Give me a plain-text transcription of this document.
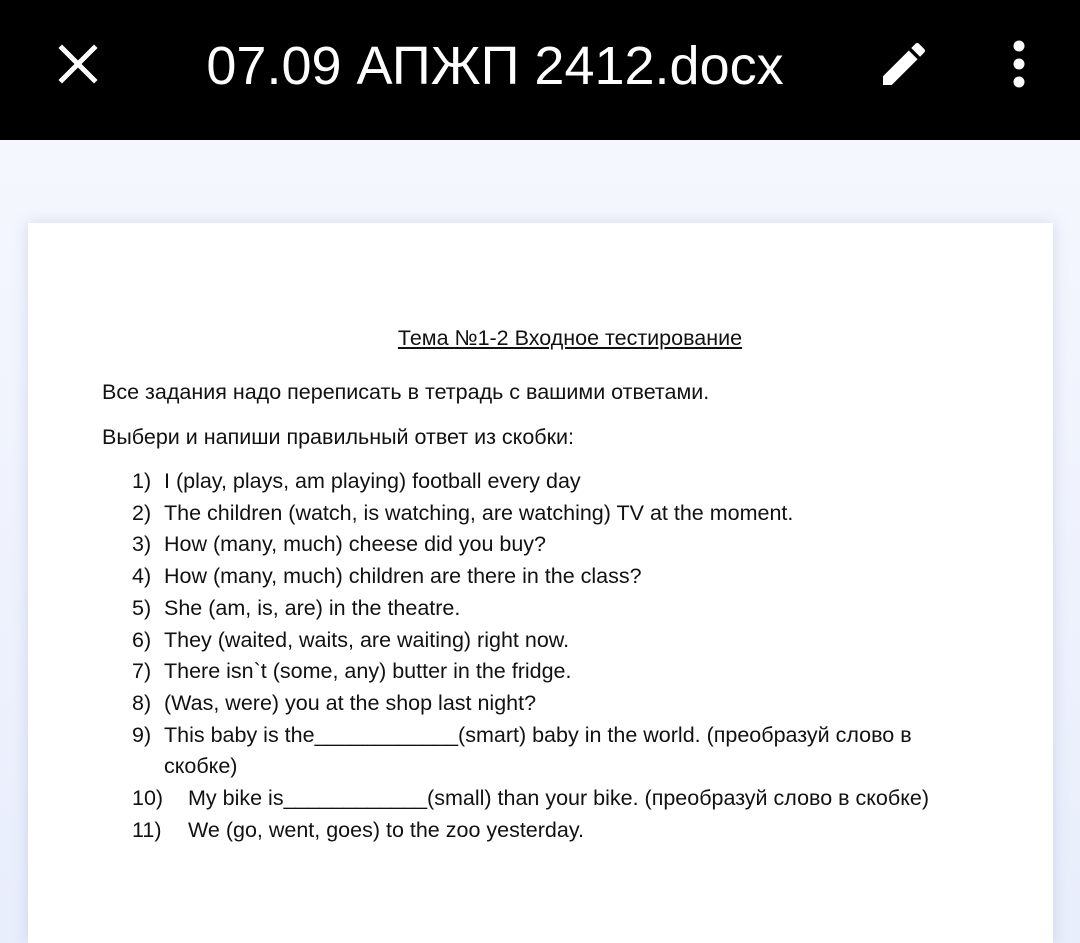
07.09 АПЖП 2412.docx

Тема №1-2 Входное тестирование

Все задания надо переписать в тетрадь с вашими ответами.

Выбери и напиши правильный ответ из скобки:

1) I (play, plays, am playing) football every day
2) The children (watch, is watching, are watching) TV at the moment.
3) How (many, much) cheese did you buy?
4) How (many, much) children are there in the class?
5) She (am, is, are) in the theatre.
6) They (waited, waits, are waiting) right now.
7) There isn`t (some, any) butter in the fridge.
8) (Was, were) you at the shop last night?
9) This baby is the____________(smart) baby in the world. (преобразуй слово в скобке)
10)	My bike is____________(small) than your bike. (преобразуй слово в скобке)
11)	We (go, went, goes) to the zoo yesterday.
